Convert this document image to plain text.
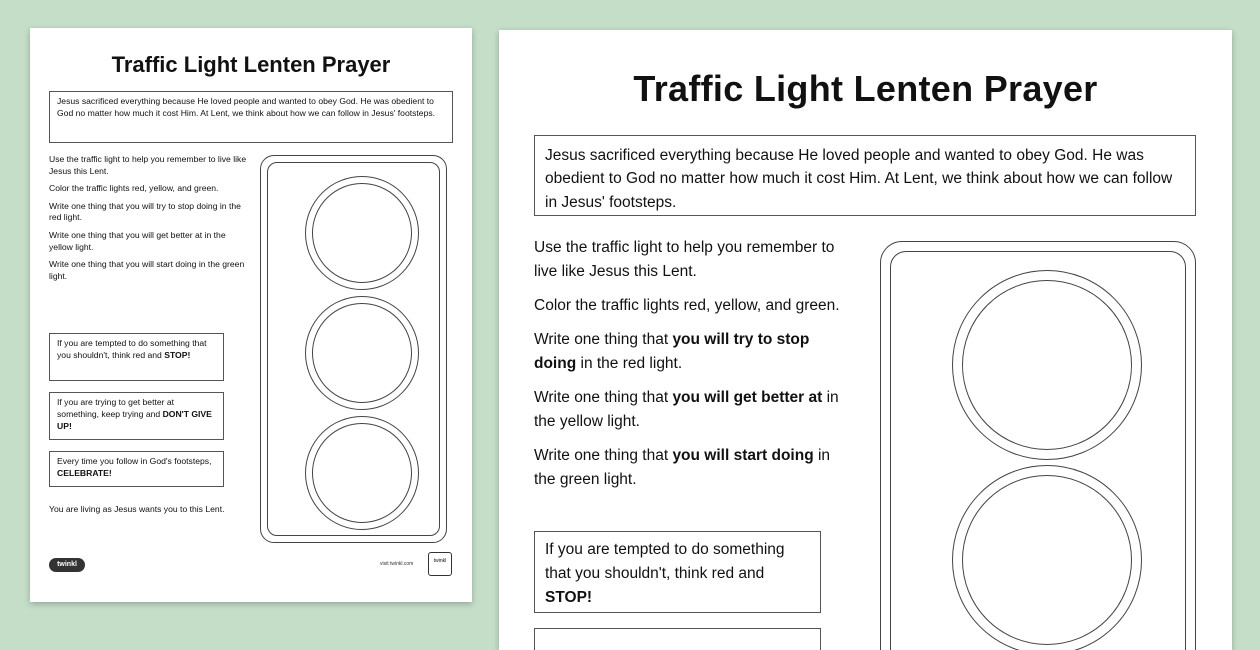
Traffic Light Lenten Prayer
Jesus sacrificed everything because He loved people and wanted to obey God. He was obedient to God no matter how much it cost Him. At Lent, we think about how we can follow in Jesus' footsteps.

Use the traffic light to help you remember to live like Jesus this Lent.

Color the traffic lights red, yellow, and green.

Write one thing that you will try to stop doing in the red light.

Write one thing that you will get better at in the yellow light.

Write one thing that you will start doing in the green light.

If you are tempted to do something that you shouldn't, think red and STOP!
If you are trying to get better at something, keep trying and DON'T GIVE UP!
Every time you follow in God's footsteps, CELEBRATE!
You are living as Jesus wants you to this Lent.
twinkl	visit twinkl.com	twinkl
Traffic Light Lenten Prayer
Jesus sacrificed everything because He loved people and wanted to obey God. He was obedient to God no matter how much it cost Him. At Lent, we think about how we can follow in Jesus' footsteps.

Use the traffic light to help you remember to live like Jesus this Lent.

Color the traffic lights red, yellow, and green.

Write one thing that you will try to stop doing in the red light.

Write one thing that you will get better at in the yellow light.

Write one thing that you will start doing in the green light.

If you are tempted to do something that you shouldn't, think red and STOP!
